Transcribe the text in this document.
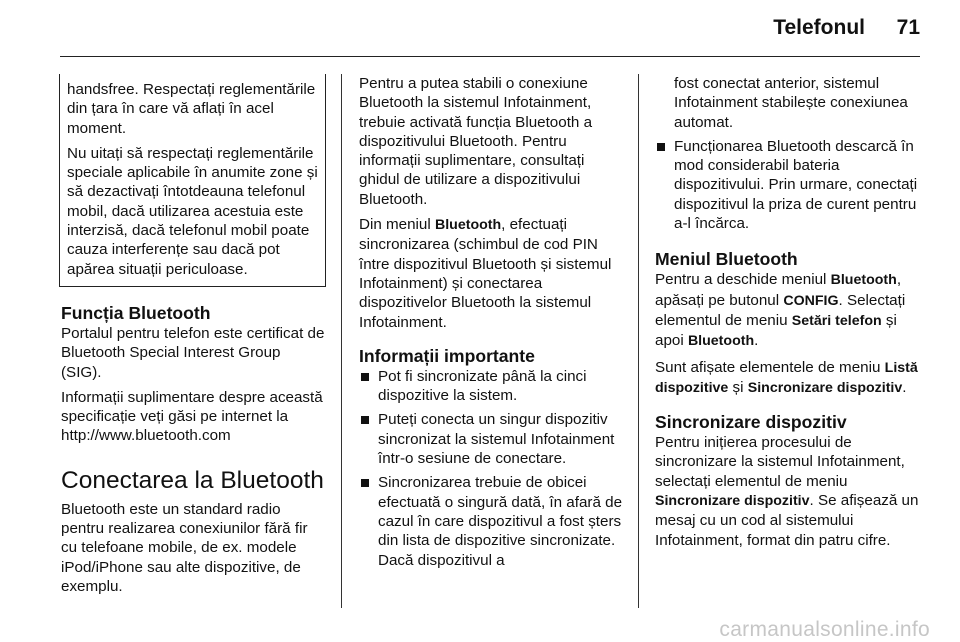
Telefonul 71

handsfree. Respectați reglementările din țara în care vă aflați în acel moment.

Nu uitați să respectați reglementările speciale aplicabile în anumite zone și să dezactivați întotdeauna telefonul mobil, dacă utilizarea acestuia este interzisă, dacă telefonul mobil poate cauza interferențe sau dacă pot apărea situații periculoase.

Funcția Bluetooth

Portalul pentru telefon este certificat de Bluetooth Special Interest Group (SIG).

Informații suplimentare despre această specificație veți găsi pe internet la http://www.bluetooth.com

Conectarea la Bluetooth

Bluetooth este un standard radio pentru realizarea conexiunilor fără fir cu telefoane mobile, de ex. modele iPod/iPhone sau alte dispozitive, de exemplu.

Pentru a putea stabili o conexiune Bluetooth la sistemul Infotainment, trebuie activată funcția Bluetooth a dispozitivului Bluetooth. Pentru informații suplimentare, consultați ghidul de utilizare a dispozitivului Bluetooth.

Din meniul Bluetooth, efectuați sincronizarea (schimbul de cod PIN între dispozitivul Bluetooth și sistemul Infotainment) și conectarea dispozitivelor Bluetooth la sistemul Infotainment.

Informații importante
Pot fi sincronizate până la cinci dispozitive la sistem.
Puteți conecta un singur dispozitiv sincronizat la sistemul Infotainment într-o sesiune de conectare.
Sincronizarea trebuie de obicei efectuată o singură dată, în afară de cazul în care dispozitivul a fost șters din lista de dispozitive sincronizate. Dacă dispozitivul a
fost conectat anterior, sistemul Infotainment stabilește conexiunea automat.
Funcționarea Bluetooth descarcă în mod considerabil bateria dispozitivului. Prin urmare, conectați dispozitivul la priza de curent pentru a-l încărca.
Meniul Bluetooth

Pentru a deschide meniul Bluetooth, apăsați pe butonul CONFIG. Selectați elementul de meniu Setări telefon și apoi Bluetooth.

Sunt afișate elementele de meniu Listă dispozitive și Sincronizare dispozitiv.

Sincronizare dispozitiv

Pentru inițierea procesului de sincronizare la sistemul Infotainment, selectați elementul de meniu Sincronizare dispozitiv. Se afișează un mesaj cu un cod al sistemului Infotainment, format din patru cifre.

carmanualsonline.info
